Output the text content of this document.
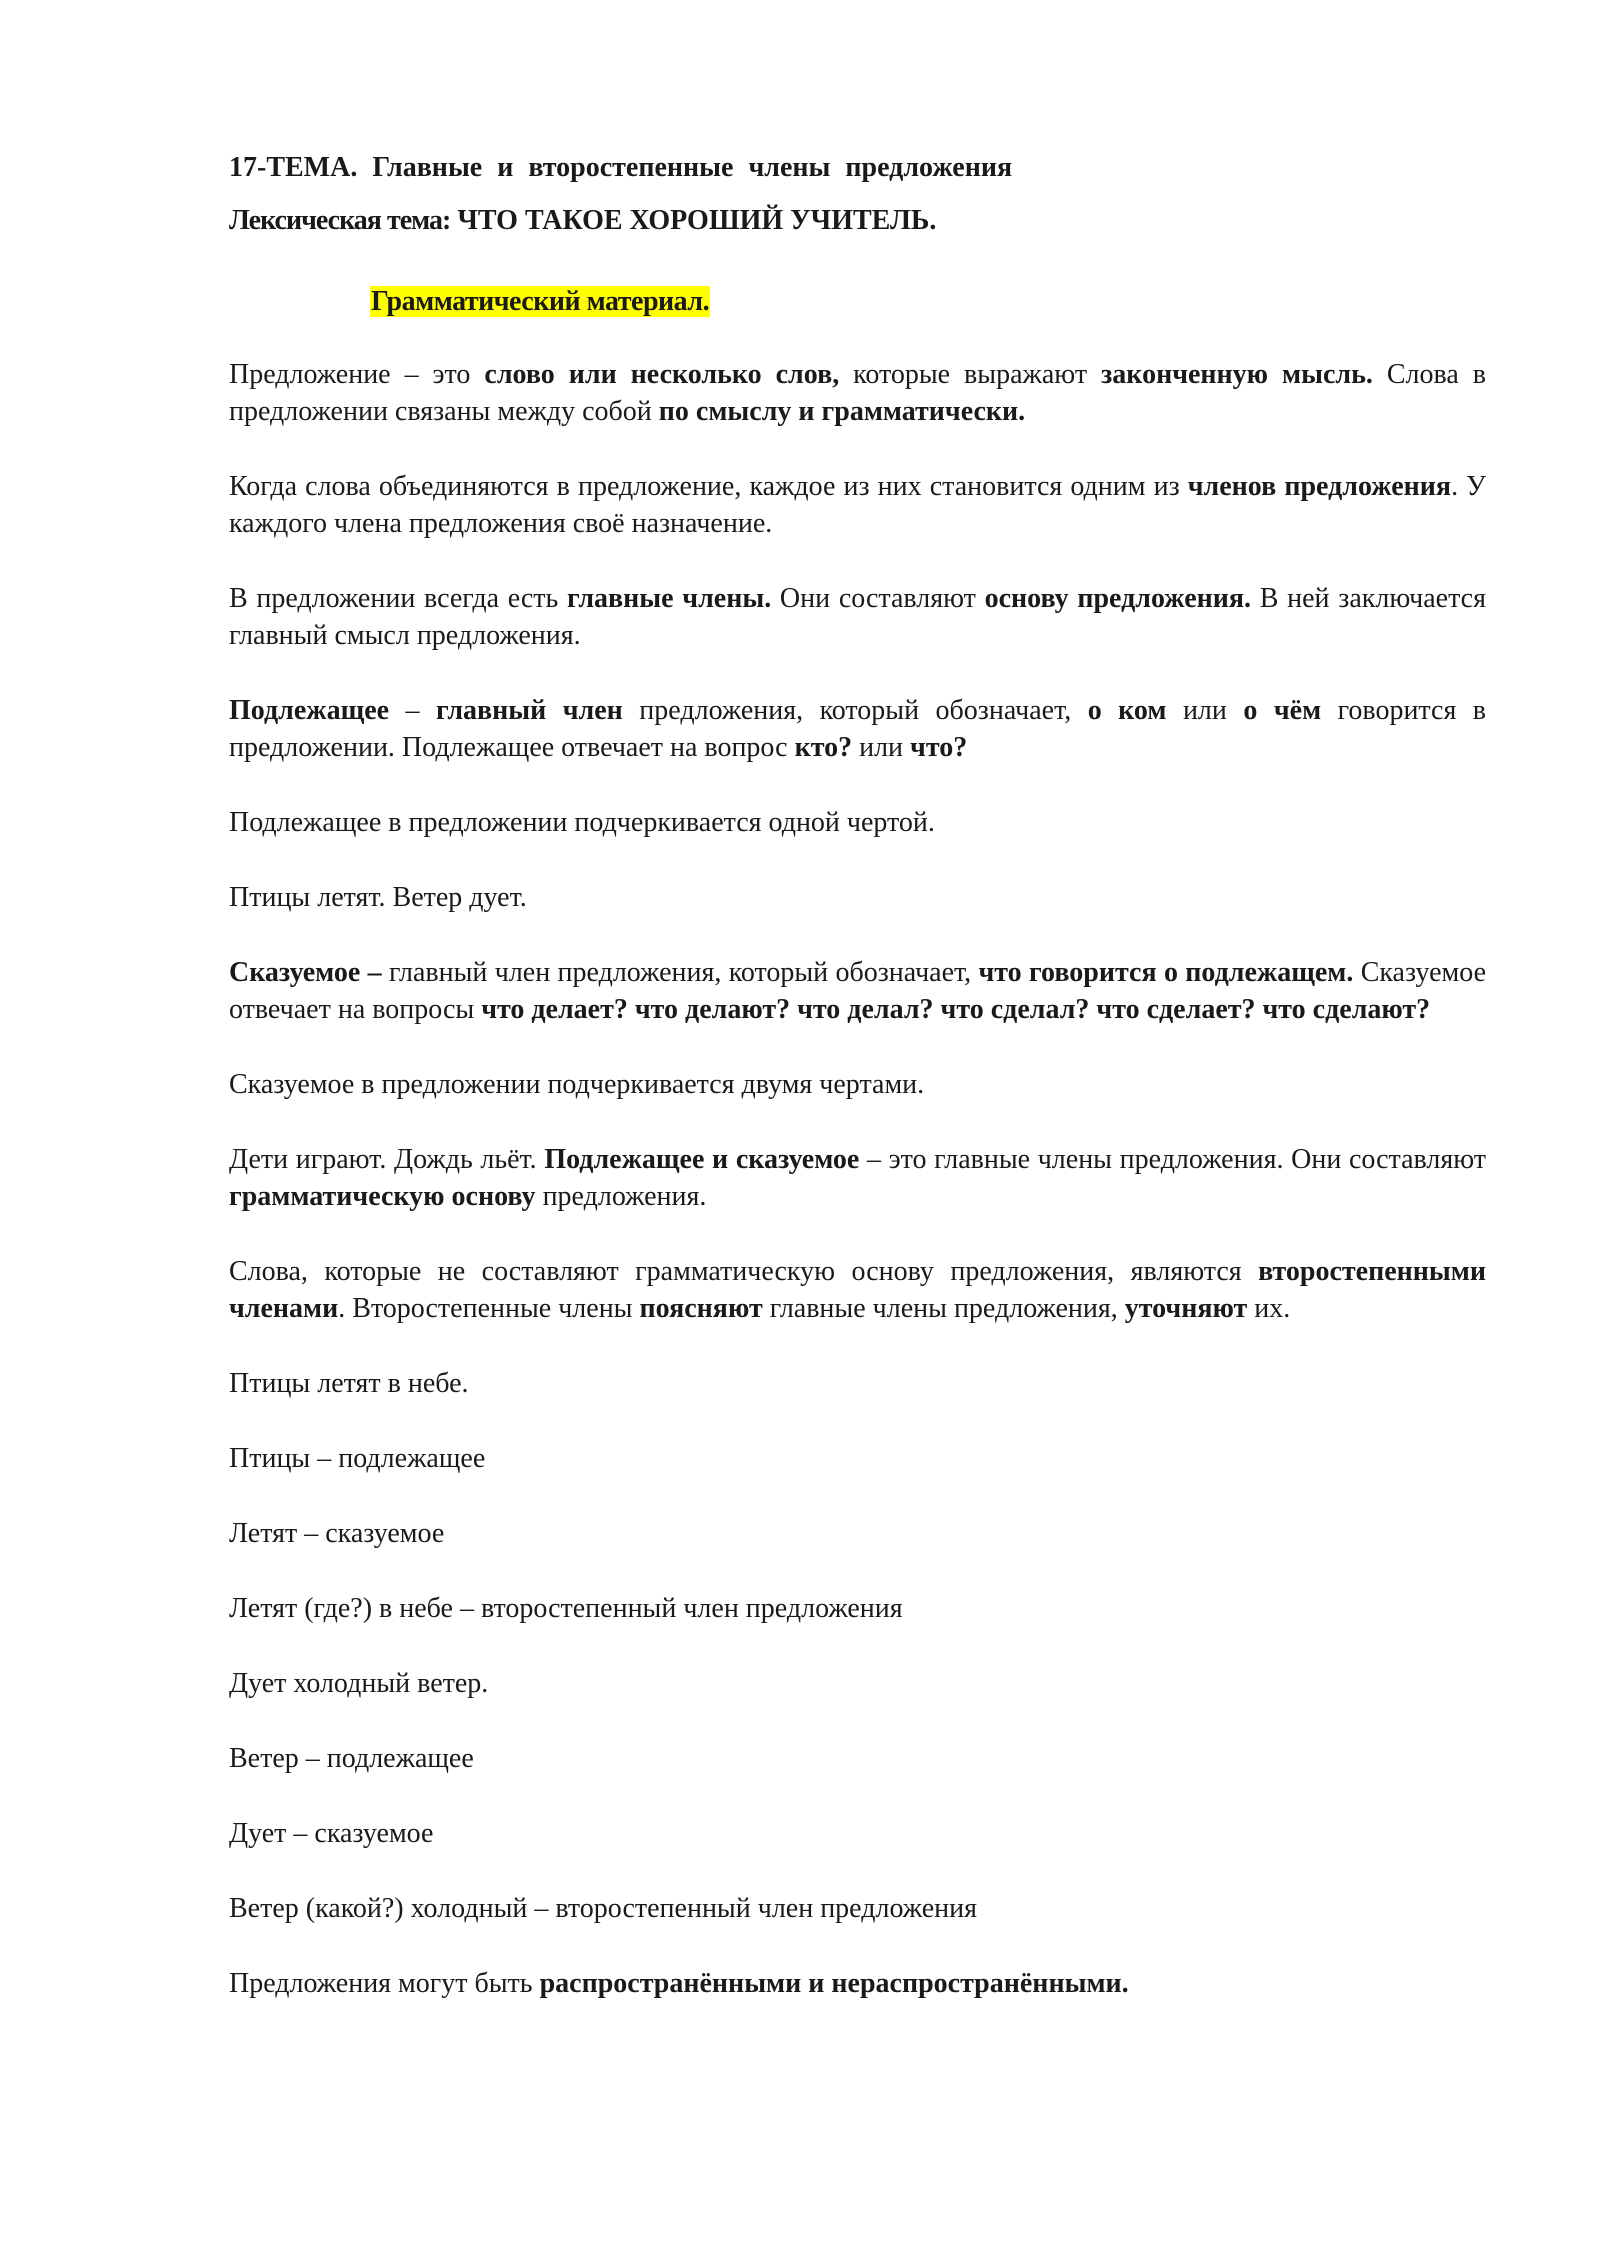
17-ТЕМА. Главные и второстепенные члены предложения
Лексическая тема: ЧТО ТАКОЕ ХОРОШИЙ УЧИТЕЛЬ.
Грамматический материал.

Предложение – это слово или несколько слов, которые выражают законченную мысль. Слова в предложении связаны между собой по смыслу и грамматически.

Когда слова объединяются в предложение, каждое из них становится одним из членов предложения. У каждого члена предложения своё назначение.

В предложении всегда есть главные члены. Они составляют основу предложения. В ней заключается главный смысл предложения.

Подлежащее – главный член предложения, который обозначает, о ком или о чём говорится в предложении. Подлежащее отвечает на вопрос кто? или что?

Подлежащее в предложении подчеркивается одной чертой.

Птицы летят. Ветер дует.

Сказуемое – главный член предложения, который обозначает, что говорится о подлежащем. Сказуемое отвечает на вопросы что делает? что делают? что делал? что сделал? что сделает? что сделают?

Сказуемое в предложении подчеркивается двумя чертами.

Дети играют. Дождь льёт. Подлежащее и сказуемое – это главные члены предложения. Они составляют грамматическую основу предложения.

Слова, которые не составляют грамматическую основу предложения, являются второстепенными членами. Второстепенные члены поясняют главные члены предложения, уточняют их.

Птицы летят в небе.

Птицы – подлежащее

Летят – сказуемое

Летят (где?) в небе – второстепенный член предложения

Дует холодный ветер.

Ветер – подлежащее

Дует – сказуемое

Ветер (какой?) холодный – второстепенный член предложения

Предложения могут быть распространёнными и нераспространёнными.
